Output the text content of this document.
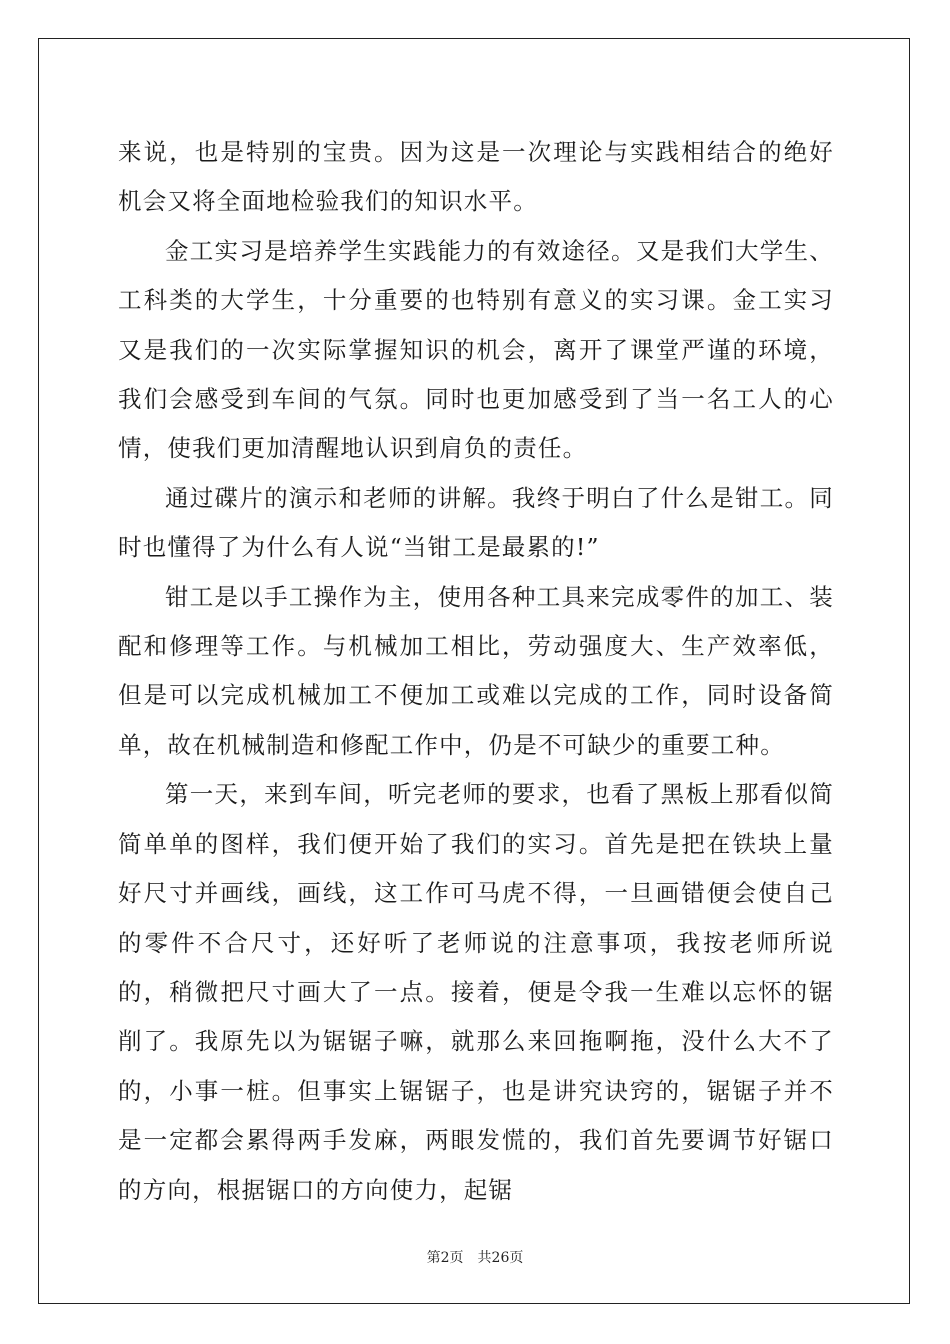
来说，也是特别的宝贵。因为这是一次理论与实践相结合的绝好机会又将全面地检验我们的知识水平。

金工实习是培养学生实践能力的有效途径。又是我们大学生、工科类的大学生，十分重要的也特别有意义的实习课。金工实习又是我们的一次实际掌握知识的机会，离开了课堂严谨的环境，我们会感受到车间的气氛。同时也更加感受到了当一名工人的心情，使我们更加清醒地认识到肩负的责任。

通过碟片的演示和老师的讲解。我终于明白了什么是钳工。同时也懂得了为什么有人说“当钳工是最累的!”

钳工是以手工操作为主，使用各种工具来完成零件的加工、装配和修理等工作。与机械加工相比，劳动强度大、生产效率低，但是可以完成机械加工不便加工或难以完成的工作，同时设备简单，故在机械制造和修配工作中，仍是不可缺少的重要工种。

第一天，来到车间，听完老师的要求，也看了黑板上那看似简简单单的图样，我们便开始了我们的实习。首先是把在铁块上量好尺寸并画线，画线，这工作可马虎不得，一旦画错便会使自己的零件不合尺寸，还好听了老师说的注意事项，我按老师所说的，稍微把尺寸画大了一点。接着，便是令我一生难以忘怀的锯削了。我原先以为锯锯子嘛，就那么来回拖啊拖，没什么大不了的，小事一桩。但事实上锯锯子，也是讲究诀窍的，锯锯子并不是一定都会累得两手发麻，两眼发慌的，我们首先要调节好锯口的方向，根据锯口的方向使力，起锯

第2页 共26页
